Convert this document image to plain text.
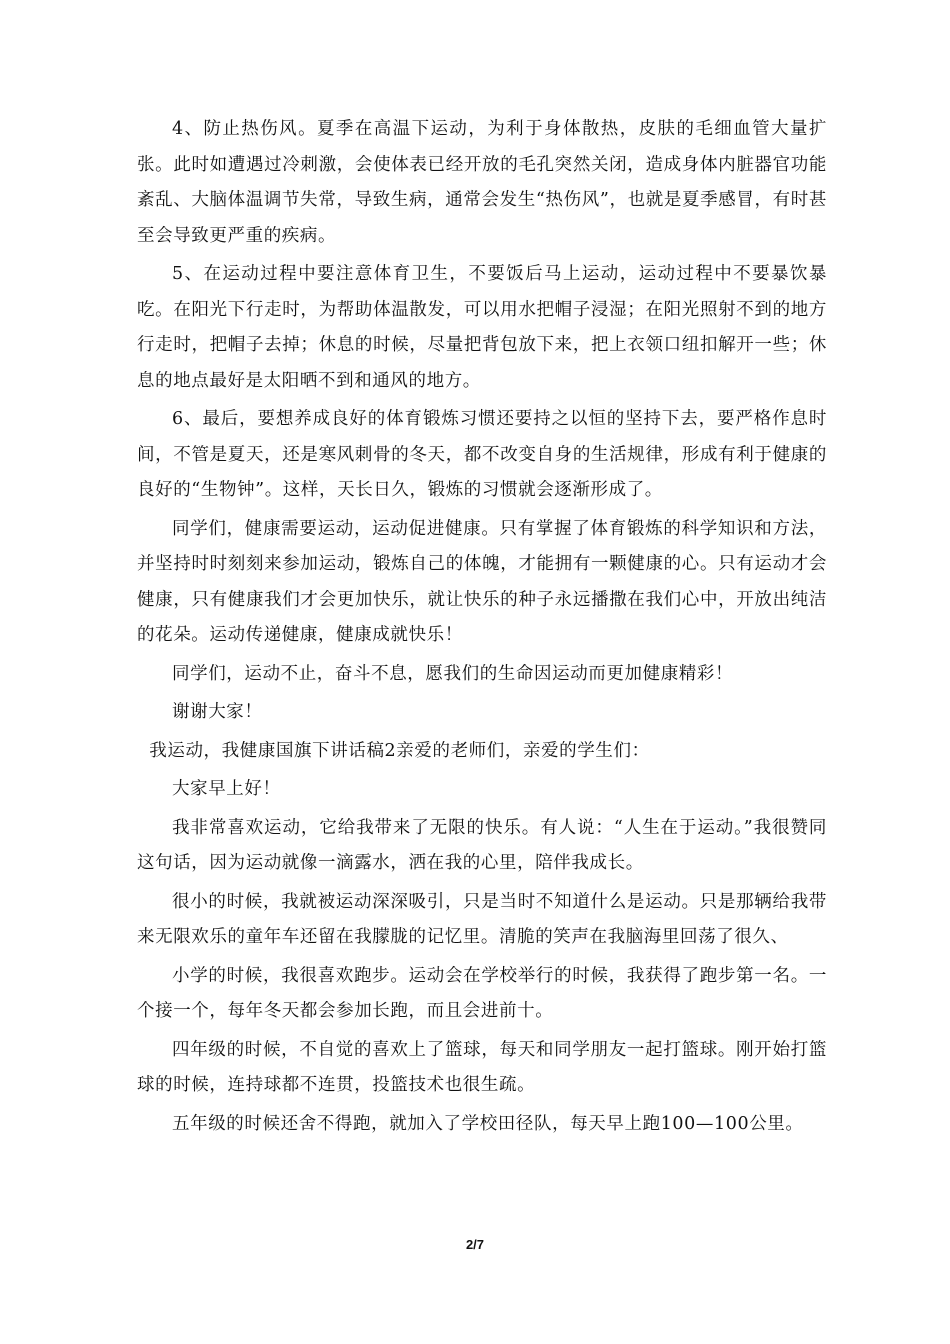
4、防止热伤风。夏季在高温下运动，为利于身体散热，皮肤的毛细血管大量扩张。此时如遭遇过冷刺激，会使体表已经开放的毛孔突然关闭，造成身体内脏器官功能紊乱、大脑体温调节失常，导致生病，通常会发生“热伤风”，也就是夏季感冒，有时甚至会导致更严重的疾病。

5、在运动过程中要注意体育卫生，不要饭后马上运动，运动过程中不要暴饮暴吃。在阳光下行走时，为帮助体温散发，可以用水把帽子浸湿；在阳光照射不到的地方行走时，把帽子去掉；休息的时候，尽量把背包放下来，把上衣领口纽扣解开一些；休息的地点最好是太阳晒不到和通风的地方。

6、最后，要想养成良好的体育锻炼习惯还要持之以恒的坚持下去，要严格作息时间，不管是夏天，还是寒风刺骨的冬天，都不改变自身的生活规律，形成有利于健康的良好的“生物钟”。这样，天长日久，锻炼的习惯就会逐渐形成了。

同学们，健康需要运动，运动促进健康。只有掌握了体育锻炼的科学知识和方法，并坚持时时刻刻来参加运动，锻炼自己的体魄，才能拥有一颗健康的心。只有运动才会健康，只有健康我们才会更加快乐，就让快乐的种子永远播撒在我们心中，开放出纯洁的花朵。运动传递健康，健康成就快乐！

同学们，运动不止，奋斗不息，愿我们的生命因运动而更加健康精彩！

谢谢大家！

我运动，我健康国旗下讲话稿2亲爱的老师们，亲爱的学生们：

大家早上好！

我非常喜欢运动，它给我带来了无限的快乐。有人说：“人生在于运动。”我很赞同这句话，因为运动就像一滴露水，洒在我的心里，陪伴我成长。

很小的时候，我就被运动深深吸引，只是当时不知道什么是运动。只是那辆给我带来无限欢乐的童年车还留在我朦胧的记忆里。清脆的笑声在我脑海里回荡了很久、

小学的时候，我很喜欢跑步。运动会在学校举行的时候，我获得了跑步第一名。一个接一个，每年冬天都会参加长跑，而且会进前十。

四年级的时候，不自觉的喜欢上了篮球，每天和同学朋友一起打篮球。刚开始打篮球的时候，连持球都不连贯，投篮技术也很生疏。

五年级的时候还舍不得跑，就加入了学校田径队，每天早上跑100—100公里。

2/7
